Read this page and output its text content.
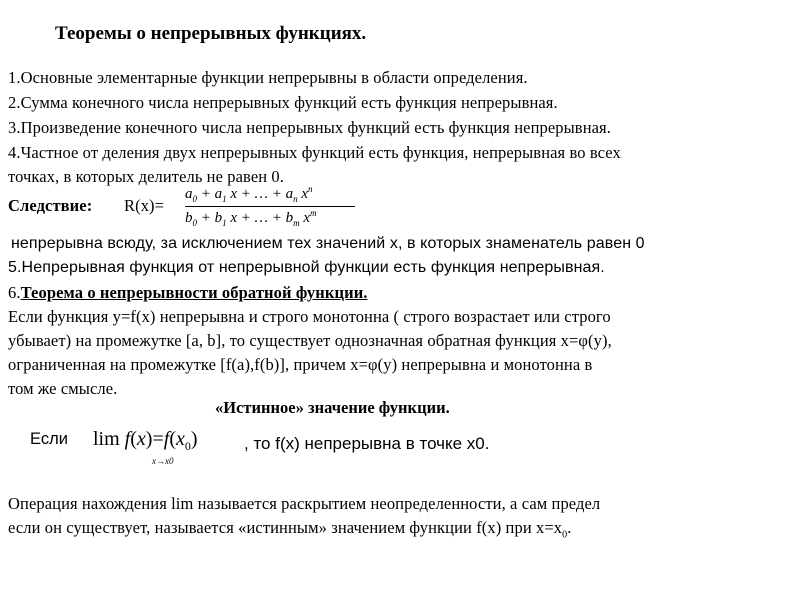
Теоремы о непрерывных функциях.
1.Основные элементарные функции непрерывны в области определения.
2.Сумма конечного числа непрерывных функций есть функция непрерывная.
3.Произведение конечного числа непрерывных функций есть функция непрерывная.
4.Частное от деления двух непрерывных функций есть функция, непрерывная во всех
точках, в которых делитель не равен 0.
Следствие: R(x)=
$a_0 + a_1$ x + … + $a_n$ $x^n$
$b_0 + b_1$ x + … + $b_m$ $x^m$
непрерывна всюду, за исключением тех значений x, в которых знаменатель равен 0
5.Непрерывная функция от непрерывной функции есть функция непрерывная.
6.Теорема о непрерывности обратной функции.
Если функция y=f(x) непрерывна и строго монотонна ( строго возрастает или строго
убывает) на промежутке [a, b], то существует однозначная обратная функция x=φ(y),
ограниченная на промежутке [f(a),f(b)], причем x=φ(y) непрерывна и монотонна в
том же смысле.
«Истинное» значение функции.
Если $\lim f(x)=f(x_0)$
x→x0
, то f(x) непрерывна в точке x0.
Операция нахождения lim называется раскрытием неопределенности, а сам предел
если он существует, называется «истинным» значением функции f(x) при $x=x_0$.
